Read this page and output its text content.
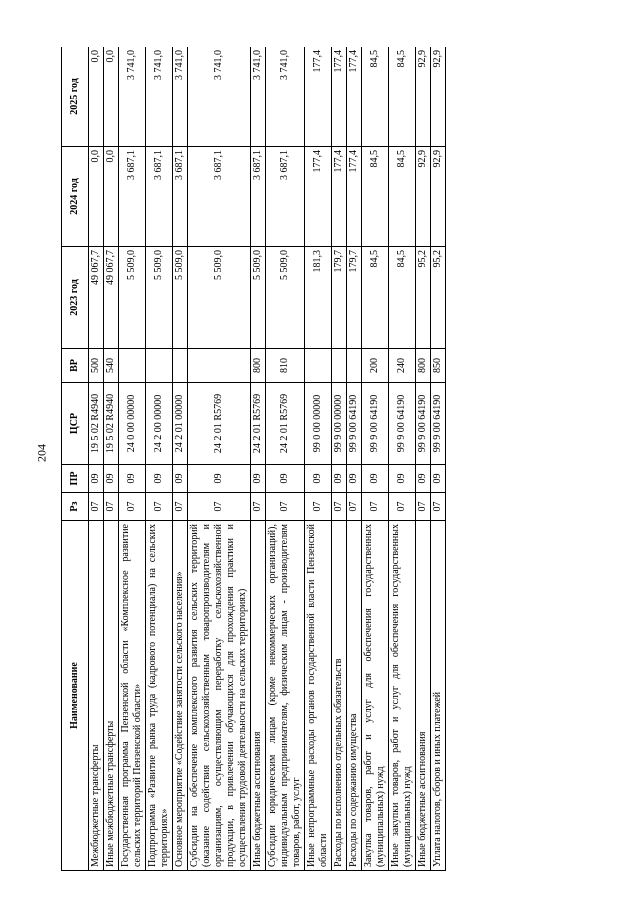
204
Наименование	Рз	ПР	ЦСР	ВР	2023 год	2024 год	2025 год
Межбюджетные трансферты	07	09	19 5 02 R4940	500	49 067,7	0,0	0,0
Иные межбюджетные трансферты	07	09	19 5 02 R4940	540	49 067,7	0,0	0,0
Государственная программа Пензенской области «Комплексное развитие сельских территорий Пензенской области»	07	09	24 0 00 00000		5 509,0	3 687,1	3 741,0
Подпрограмма «Развитие рынка труда (кадрового потенциала) на сельских территориях»	07	09	24 2 00 00000		5 509,0	3 687,1	3 741,0
Основное мероприятие «Содействие занятости сельского населения»	07	09	24 2 01 00000		5 509,0	3 687,1	3 741,0
Субсидии на обеспечение комплексного развития сельских территорий (оказание содействия сельскохозяйственным товаропроизводителям и организациям, осуществляющим переработку сельскохозяйственной продукции, в привлечении обучающихся для прохождения практики и осуществления трудовой деятельности на сельских территориях)	07	09	24 2 01 R5769		5 509,0	3 687,1	3 741,0
Иные бюджетные ассигнования	07	09	24 2 01 R5769	800	5 509,0	3 687,1	3 741,0
Субсидии юридическим лицам (кроме некоммерческих организаций), индивидуальным предпринимателям, физическим лицам - производителям товаров, работ, услуг	07	09	24 2 01 R5769	810	5 509,0	3 687,1	3 741,0
Иные непрограммные расходы органов государственной власти Пензенской области	07	09	99 0 00 00000		181,3	177,4	177,4
Расходы по исполнению отдельных обязательств	07	09	99 9 00 00000		179,7	177,4	177,4
Расходы по содержанию имущества	07	09	99 9 00 64190		179,7	177,4	177,4
Закупка товаров, работ и услуг для обеспечения государственных (муниципальных) нужд	07	09	99 9 00 64190	200	84,5	84,5	84,5
Иные закупки товаров, работ и услуг для обеспечения государственных (муниципальных) нужд	07	09	99 9 00 64190	240	84,5	84,5	84,5
Иные бюджетные ассигнования	07	09	99 9 00 64190	800	95,2	92,9	92,9
Уплата налогов, сборов и иных платежей	07	09	99 9 00 64190	850	95,2	92,9	92,9
